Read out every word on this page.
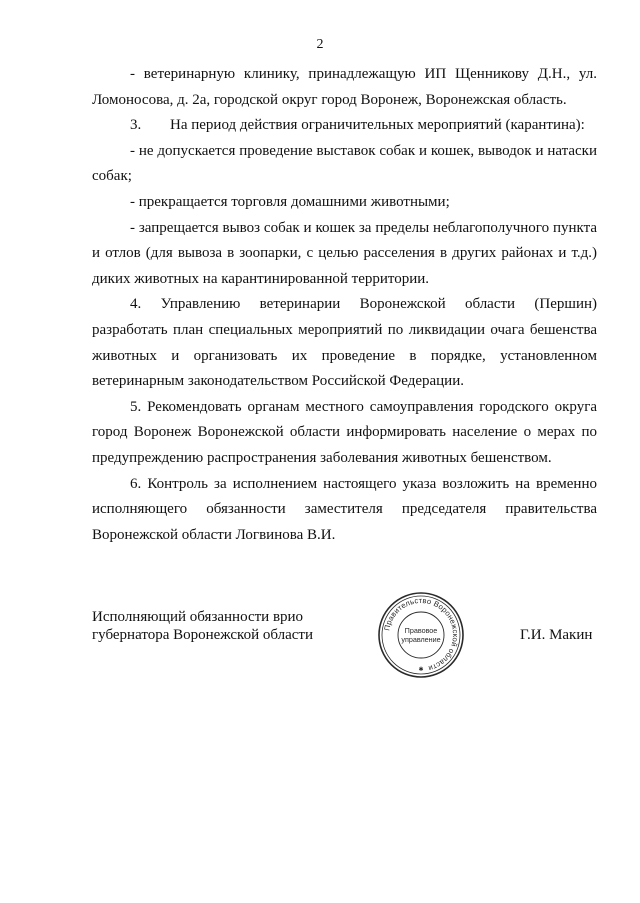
2

- ветеринарную клинику, принадлежащую ИП Щенникову Д.Н., ул. Ломоносова, д. 2а, городской округ город Воронеж, Воронежская область.

3. На период действия ограничительных мероприятий (карантина):

- не допускается проведение выставок собак и кошек, выводок и натаски собак;

- прекращается торговля домашними животными;

- запрещается вывоз собак и кошек за пределы неблагополучного пункта и отлов (для вывоза в зоопарки, с целью расселения в других районах и т.д.) диких животных на карантинированной территории.

4. Управлению ветеринарии Воронежской области (Першин) разработать план специальных мероприятий по ликвидации очага бешенства животных и организовать их проведение в порядке, установленном ветеринарным законодательством Российской Федерации.

5. Рекомендовать органам местного самоуправления городского округа город Воронеж Воронежской области информировать население о мерах по предупреждению распространения заболевания животных бешенством.

6. Контроль за исполнением настоящего указа возложить на временно исполняющего обязанности заместителя председателя правительства Воронежской области Логвинова В.И.

Исполняющий обязанности врио
губернатора Воронежской области	Г.И. Макин
Правительство Воронежской области
Правовое
управление
✱
